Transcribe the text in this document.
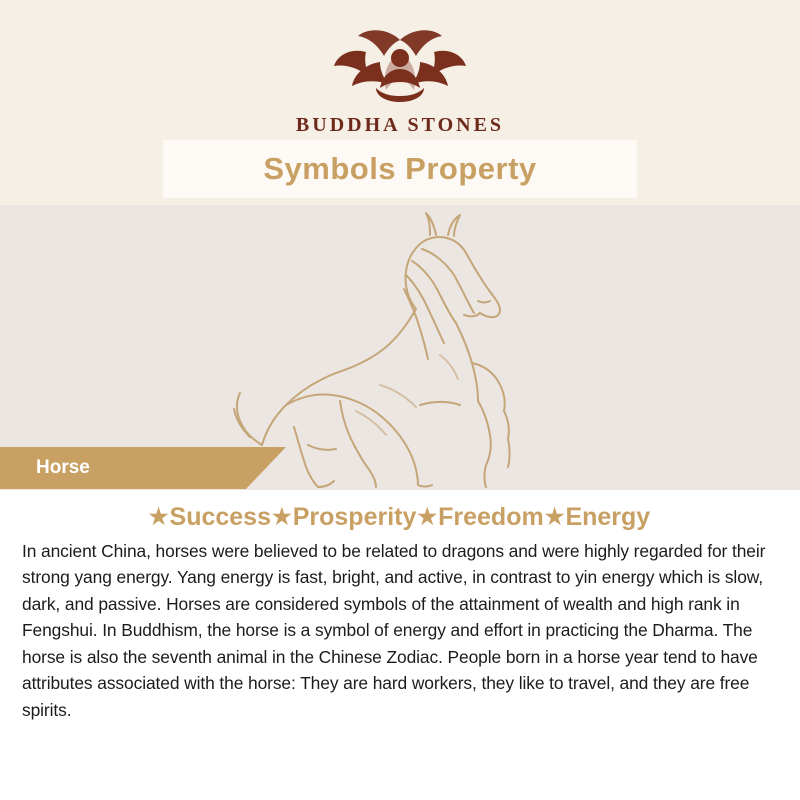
BUDDHA STONES
Symbols Property
Horse
★Success★Prosperity★Freedom★Energy
In ancient China, horses were believed to be related to dragons and were highly regarded for their strong yang energy. Yang energy is fast, bright, and active, in contrast to yin energy which is slow, dark, and passive. Horses are considered symbols of the attainment of wealth and high rank in Fengshui. In Buddhism, the horse is a symbol of energy and effort in practicing the Dharma. The horse is also the seventh animal in the Chinese Zodiac. People born in a horse year tend to have attributes associated with the horse: They are hard workers, they like to travel, and they are free spirits.
